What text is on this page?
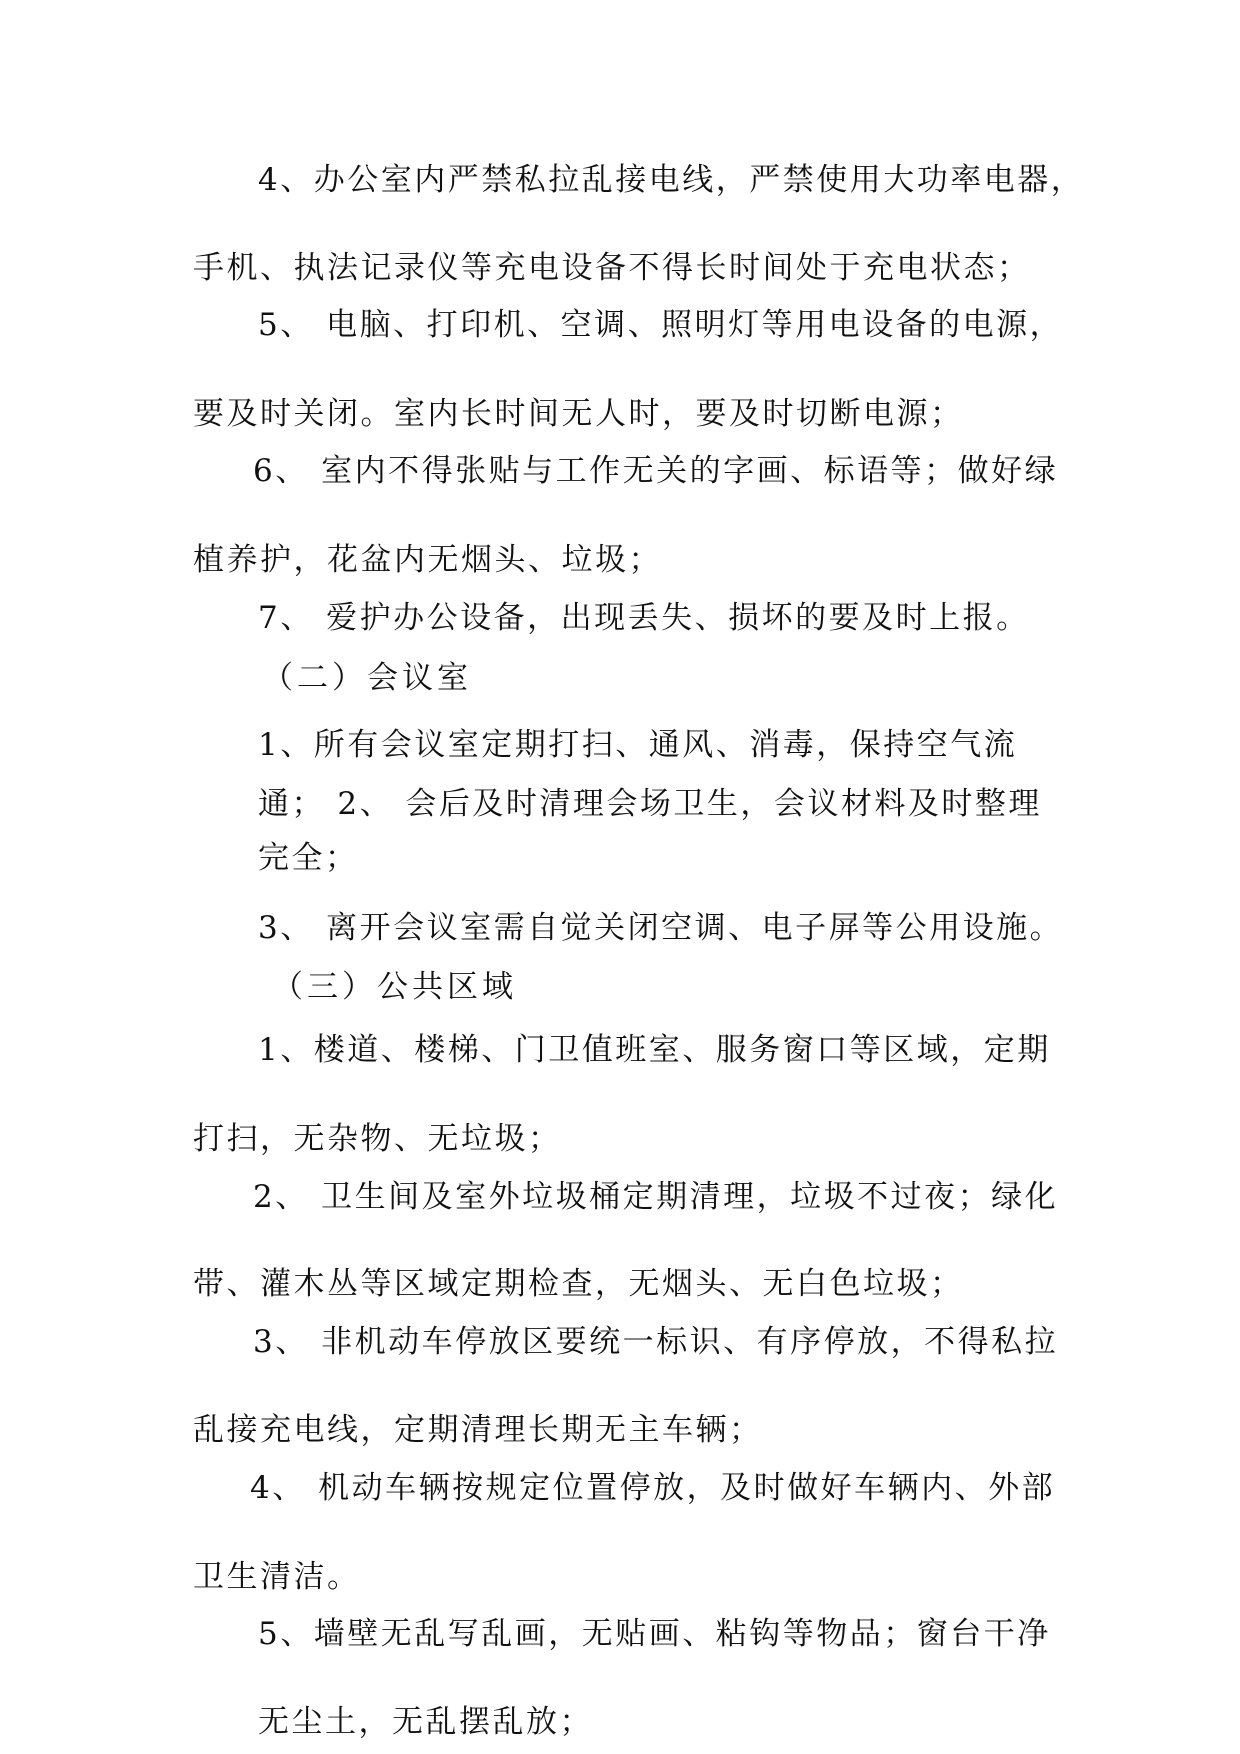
4、办公室内严禁私拉乱接电线，严禁使用大功率电器，

手机、执法记录仪等充电设备不得长时间处于充电状态；

5、 电脑、打印机、空调、照明灯等用电设备的电源，

要及时关闭。室内长时间无人时，要及时切断电源；

6、 室内不得张贴与工作无关的字画、标语等；做好绿

植养护，花盆内无烟头、垃圾；

7、 爱护办公设备，出现丢失、损坏的要及时上报。

（二）会议室

1、所有会议室定期打扫、通风、消毒，保持空气流

通； 2、 会后及时清理会场卫生，会议材料及时整理

完全；

3、 离开会议室需自觉关闭空调、电子屏等公用设施。

（三）公共区域

1、楼道、楼梯、门卫值班室、服务窗口等区域，定期

打扫，无杂物、无垃圾；

2、 卫生间及室外垃圾桶定期清理，垃圾不过夜；绿化

带、灌木丛等区域定期检查，无烟头、无白色垃圾；

3、 非机动车停放区要统一标识、有序停放，不得私拉

乱接充电线，定期清理长期无主车辆；

4、 机动车辆按规定位置停放，及时做好车辆内、外部

卫生清洁。

5、墙壁无乱写乱画，无贴画、粘钩等物品；窗台干净

无尘土，无乱摆乱放；
